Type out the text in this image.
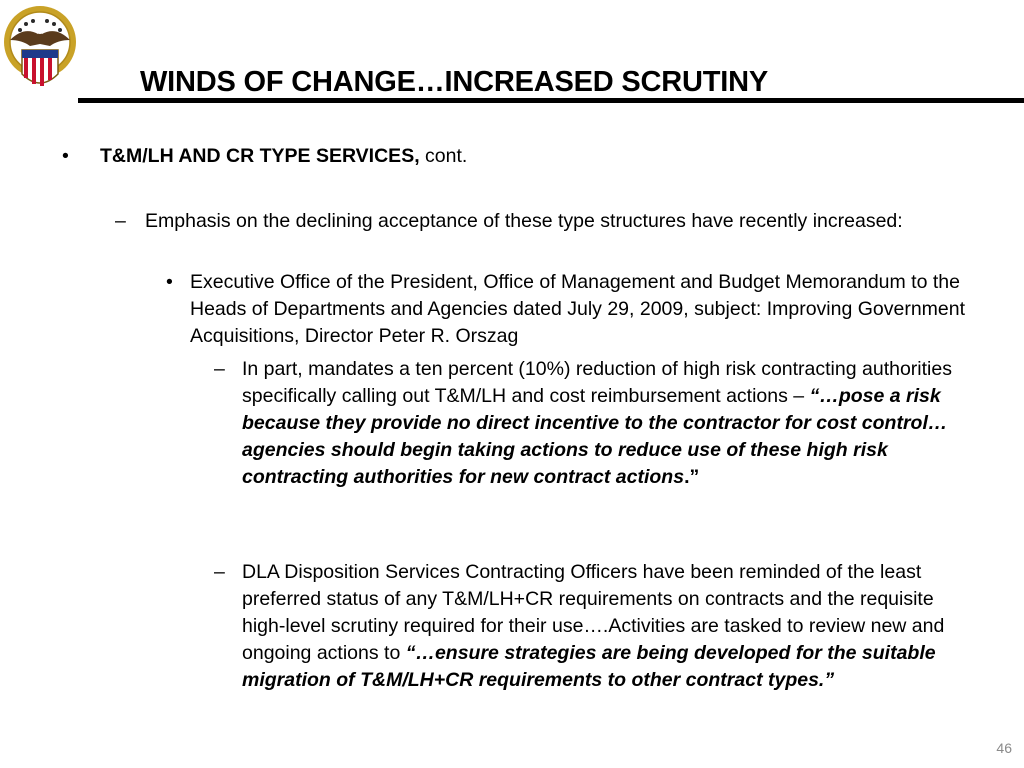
WINDS OF CHANGE…INCREASED SCRUTINY
• T&M/LH AND CR TYPE SERVICES, cont.
– Emphasis on the declining acceptance of these type structures have recently increased:
• Executive Office of the President, Office of Management and Budget Memorandum to the Heads of Departments and Agencies dated July 29, 2009, subject: Improving Government Acquisitions, Director Peter R. Orszag
– In part, mandates a ten percent (10%) reduction of high risk contracting authorities specifically calling out T&M/LH and cost reimbursement actions – “…pose a risk because they provide no direct incentive to the contractor for cost control…agencies should begin taking actions to reduce use of these high risk contracting authorities for new contract actions.”
– DLA Disposition Services Contracting Officers have been reminded of the least preferred status of any T&M/LH+CR requirements on contracts and the requisite high-level scrutiny required for their use….Activities are tasked to review new and ongoing actions to “…ensure strategies are being developed for the suitable migration of T&M/LH+CR requirements to other contract types.”
46
